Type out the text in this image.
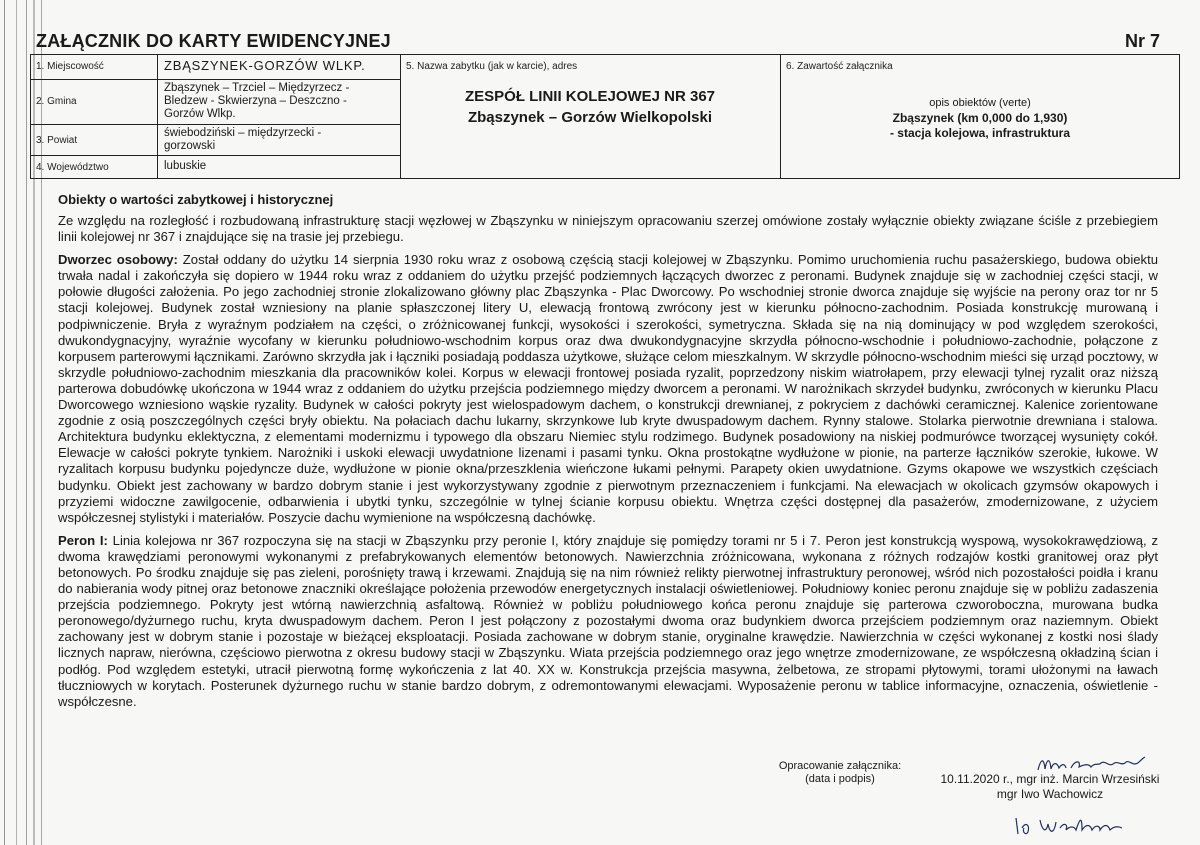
ZAŁĄCZNIK DO KARTY EWIDENCYJNEJ	Nr 7
1. Miejscowość
2. Gmina
3. Powiat
4. Województwo
ZBĄSZYNEK-GORZÓW WLKP.
Zbąszynek – Trzciel – Międzyrzecz - Bledzew - Skwierzyna – Deszczno - Gorzów Wlkp.
świebodziński – międzyrzecki - gorzowski
lubuskie
5. Nazwa zabytku (jak w karcie), adres
ZESPÓŁ LINII KOLEJOWEJ NR 367
Zbąszynek – Gorzów Wielkopolski
6. Zawartość załącznika
opis obiektów (verte)
Zbąszynek (km 0,000 do 1,930)
- stacja kolejowa, infrastruktura
Obiekty o wartości zabytkowej i historycznej

Ze względu na rozległość i rozbudowaną infrastrukturę stacji węzłowej w Zbąszynku w niniejszym opracowaniu szerzej omówione zostały wyłącznie obiekty związane ściśle z przebiegiem linii kolejowej nr 367 i znajdujące się na trasie jej przebiegu.

Dworzec osobowy: Został oddany do użytku 14 sierpnia 1930 roku wraz z osobową częścią stacji kolejowej w Zbąszynku. Pomimo uruchomienia ruchu pasażerskiego, budowa obiektu trwała nadal i zakończyła się dopiero w 1944 roku wraz z oddaniem do użytku przejść podziemnych łączących dworzec z peronami. Budynek znajduje się w zachodniej części stacji, w połowie długości założenia. Po jego zachodniej stronie zlokalizowano główny plac Zbąszynka - Plac Dworcowy. Po wschodniej stronie dworca znajduje się wyjście na perony oraz tor nr 5 stacji kolejowej. Budynek został wzniesiony na planie spłaszczonej litery U, elewacją frontową zwrócony jest w kierunku północno-zachodnim. Posiada konstrukcję murowaną i podpiwniczenie. Bryła z wyraźnym podziałem na części, o zróżnicowanej funkcji, wysokości i szerokości, symetryczna. Składa się na nią dominujący w pod względem szerokości, dwukondygnacyjny, wyraźnie wycofany w kierunku południowo-wschodnim korpus oraz dwa dwukondygnacyjne skrzydła północno-wschodnie i południowo-zachodnie, połączone z korpusem parterowymi łącznikami. Zarówno skrzydła jak i łączniki posiadają poddasza użytkowe, służące celom mieszkalnym. W skrzydle północno-wschodnim mieści się urząd pocztowy, w skrzydle południowo-zachodnim mieszkania dla pracowników kolei. Korpus w elewacji frontowej posiada ryzalit, poprzedzony niskim wiatrołapem, przy elewacji tylnej ryzalit oraz niższą parterowa dobudówkę ukończona w 1944 wraz z oddaniem do użytku przejścia podziemnego między dworcem a peronami. W narożnikach skrzydeł budynku, zwróconych w kierunku Placu Dworcowego wzniesiono wąskie ryzality. Budynek w całości pokryty jest wielospadowym dachem, o konstrukcji drewnianej, z pokryciem z dachówki ceramicznej. Kalenice zorientowane zgodnie z osią poszczególnych części bryły obiektu. Na połaciach dachu lukarny, skrzynkowe lub kryte dwuspadowym dachem. Rynny stalowe. Stolarka pierwotnie drewniana i stalowa. Architektura budynku eklektyczna, z elementami modernizmu i typowego dla obszaru Niemiec stylu rodzimego. Budynek posadowiony na niskiej podmurówce tworzącej wysunięty cokół. Elewacje w całości pokryte tynkiem. Narożniki i uskoki elewacji uwydatnione lizenami i pasami tynku. Okna prostokątne wydłużone w pionie, na parterze łączników szerokie, łukowe. W ryzalitach korpusu budynku pojedyncze duże, wydłużone w pionie okna/przeszklenia wieńczone łukami pełnymi. Parapety okien uwydatnione. Gzyms okapowe we wszystkich częściach budynku. Obiekt jest zachowany w bardzo dobrym stanie i jest wykorzystywany zgodnie z pierwotnym przeznaczeniem i funkcjami. Na elewacjach w okolicach gzymsów okapowych i przyziemi widoczne zawilgocenie, odbarwienia i ubytki tynku, szczególnie w tylnej ścianie korpusu obiektu. Wnętrza części dostępnej dla pasażerów, zmodernizowane, z użyciem współczesnej stylistyki i materiałów. Poszycie dachu wymienione na współczesną dachówkę.

Peron I: Linia kolejowa nr 367 rozpoczyna się na stacji w Zbąszynku przy peronie I, który znajduje się pomiędzy torami nr 5 i 7. Peron jest konstrukcją wyspową, wysokokrawędziową, z dwoma krawędziami peronowymi wykonanymi z prefabrykowanych elementów betonowych. Nawierzchnia zróżnicowana, wykonana z różnych rodzajów kostki granitowej oraz płyt betonowych. Po środku znajduje się pas zieleni, porośnięty trawą i krzewami. Znajdują się na nim również relikty pierwotnej infrastruktury peronowej, wśród nich pozostałości poidła i kranu do nabierania wody pitnej oraz betonowe znaczniki określające położenia przewodów energetycznych instalacji oświetleniowej. Południowy koniec peronu znajduje się w pobliżu zadaszenia przejścia podziemnego. Pokryty jest wtórną nawierzchnią asfaltową. Również w pobliżu południowego końca peronu znajduje się parterowa czworoboczna, murowana budka peronowego/dyżurnego ruchu, kryta dwuspadowym dachem. Peron I jest połączony z pozostałymi dwoma oraz budynkiem dworca przejściem podziemnym oraz naziemnym. Obiekt zachowany jest w dobrym stanie i pozostaje w bieżącej eksploatacji. Posiada zachowane w dobrym stanie, oryginalne krawędzie. Nawierzchnia w części wykonanej z kostki nosi ślady licznych napraw, nierówna, częściowo pierwotna z okresu budowy stacji w Zbąszynku. Wiata przejścia podziemnego oraz jego wnętrze zmodernizowane, ze współczesną okładziną ścian i podłóg. Pod względem estetyki, utracił pierwotną formę wykończenia z lat 40. XX w. Konstrukcja przejścia masywna, żelbetowa, ze stropami płytowymi, torami ułożonymi na ławach tłuczniowych w korytach. Posterunek dyżurnego ruchu w stanie bardzo dobrym, z odremontowanymi elewacjami. Wyposażenie peronu w tablice informacyjne, oznaczenia, oświetlenie - współczesne.

Opracowanie załącznika:
(data i podpis)	10.11.2020 r., mgr inż. Marcin Wrzesiński
mgr Iwo Wachowicz
